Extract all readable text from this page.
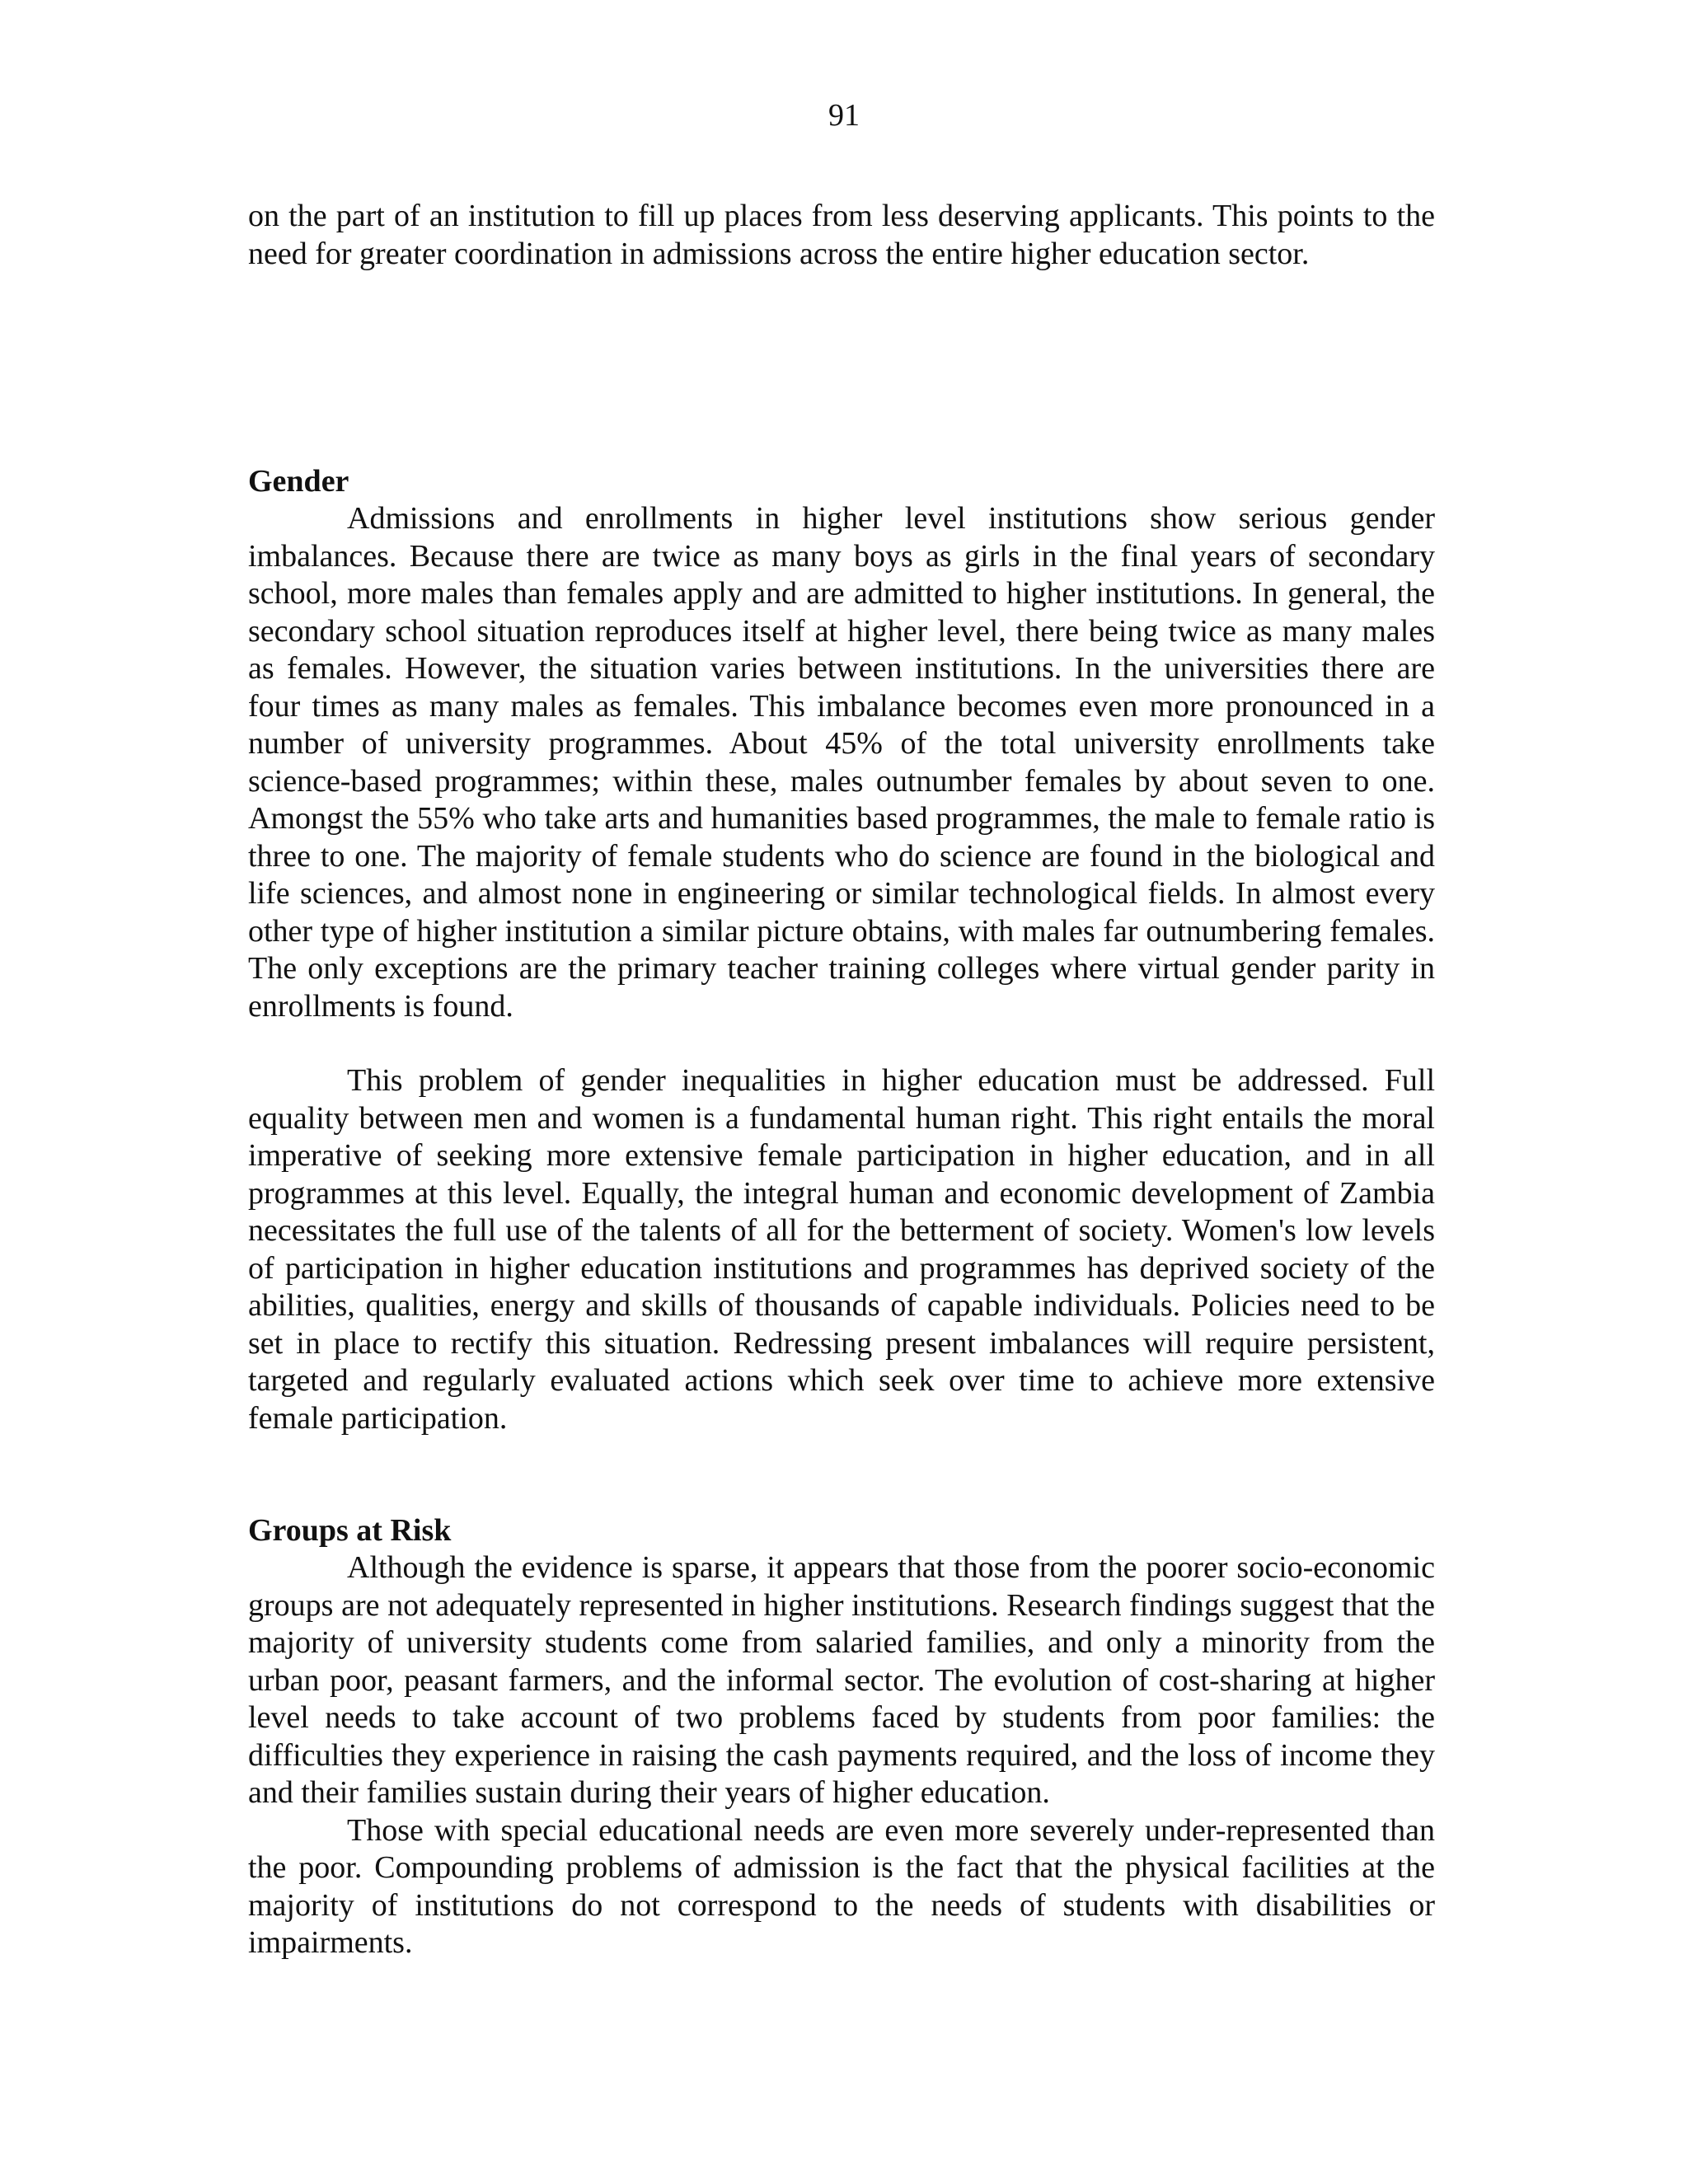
91

on the part of an institution to fill up places from less deserving applicants. This points to the need for greater coordination in admissions across the entire higher education sector.

Gender

Admissions and enrollments in higher level institutions show serious gender imbalances. Because there are twice as many boys as girls in the final years of secondary school, more males than females apply and are admitted to higher institutions. In general, the secondary school situation reproduces itself at higher level, there being twice as many males as females. However, the situation varies between institutions. In the universities there are four times as many males as females. This imbalance becomes even more pronounced in a number of university programmes. About 45% of the total university enrollments take science-based programmes; within these, males outnumber females by about seven to one. Amongst the 55% who take arts and humanities based programmes, the male to female ratio is three to one. The majority of female students who do science are found in the biological and life sciences, and almost none in engineering or similar technological fields. In almost every other type of higher institution a similar picture obtains, with males far outnumbering females. The only exceptions are the primary teacher training colleges where virtual gender parity in enrollments is found.

This problem of gender inequalities in higher education must be addressed. Full equality between men and women is a fundamental human right. This right entails the moral imperative of seeking more extensive female participation in higher education, and in all programmes at this level. Equally, the integral human and economic development of Zambia necessitates the full use of the talents of all for the betterment of society. Women's low levels of participation in higher education institutions and programmes has deprived society of the abilities, qualities, energy and skills of thousands of capable individuals. Policies need to be set in place to rectify this situation. Redressing present imbalances will require persistent, targeted and regularly evaluated actions which seek over time to achieve more extensive female participation.

Groups at Risk

Although the evidence is sparse, it appears that those from the poorer socio-economic groups are not adequately represented in higher institutions. Research findings suggest that the majority of university students come from salaried families, and only a minority from the urban poor, peasant farmers, and the informal sector. The evolution of cost-sharing at higher level needs to take account of two problems faced by students from poor families: the difficulties they experience in raising the cash payments required, and the loss of income they and their families sustain during their years of higher education.

Those with special educational needs are even more severely under-represented than the poor. Compounding problems of admission is the fact that the physical facilities at the majority of institutions do not correspond to the needs of students with disabilities or impairments.
